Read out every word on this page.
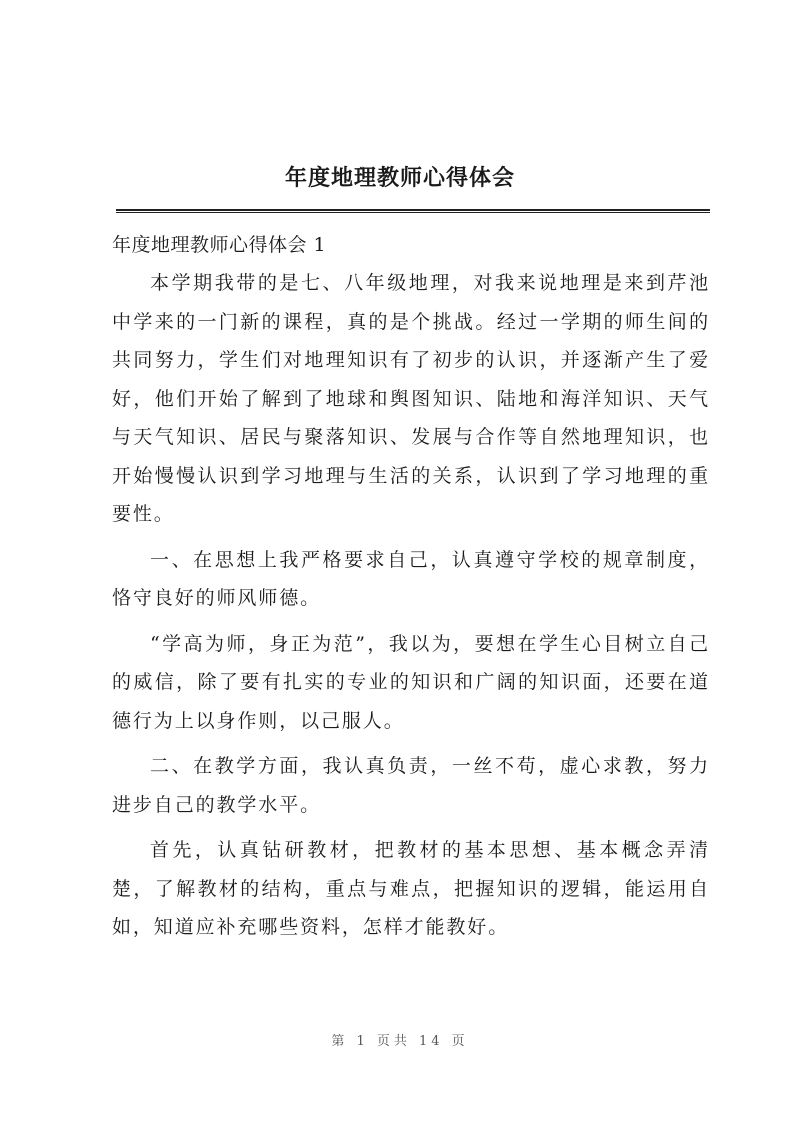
年度地理教师心得体会

年度地理教师心得体会 1

本学期我带的是七、八年级地理，对我来说地理是来到芹池中学来的一门新的课程，真的是个挑战。经过一学期的师生间的共同努力，学生们对地理知识有了初步的认识，并逐渐产生了爱好，他们开始了解到了地球和舆图知识、陆地和海洋知识、天气与天气知识、居民与聚落知识、发展与合作等自然地理知识，也开始慢慢认识到学习地理与生活的关系，认识到了学习地理的重要性。

一、在思想上我严格要求自己，认真遵守学校的规章制度，恪守良好的师风师德。

“学高为师，身正为范”，我以为，要想在学生心目树立自己的威信，除了要有扎实的专业的知识和广阔的知识面，还要在道德行为上以身作则，以己服人。

二、在教学方面，我认真负责，一丝不苟，虚心求教，努力进步自己的教学水平。

首先，认真钻研教材，把教材的基本思想、基本概念弄清楚，了解教材的结构，重点与难点，把握知识的逻辑，能运用自如，知道应补充哪些资料，怎样才能教好。

第 1 页共 14 页
